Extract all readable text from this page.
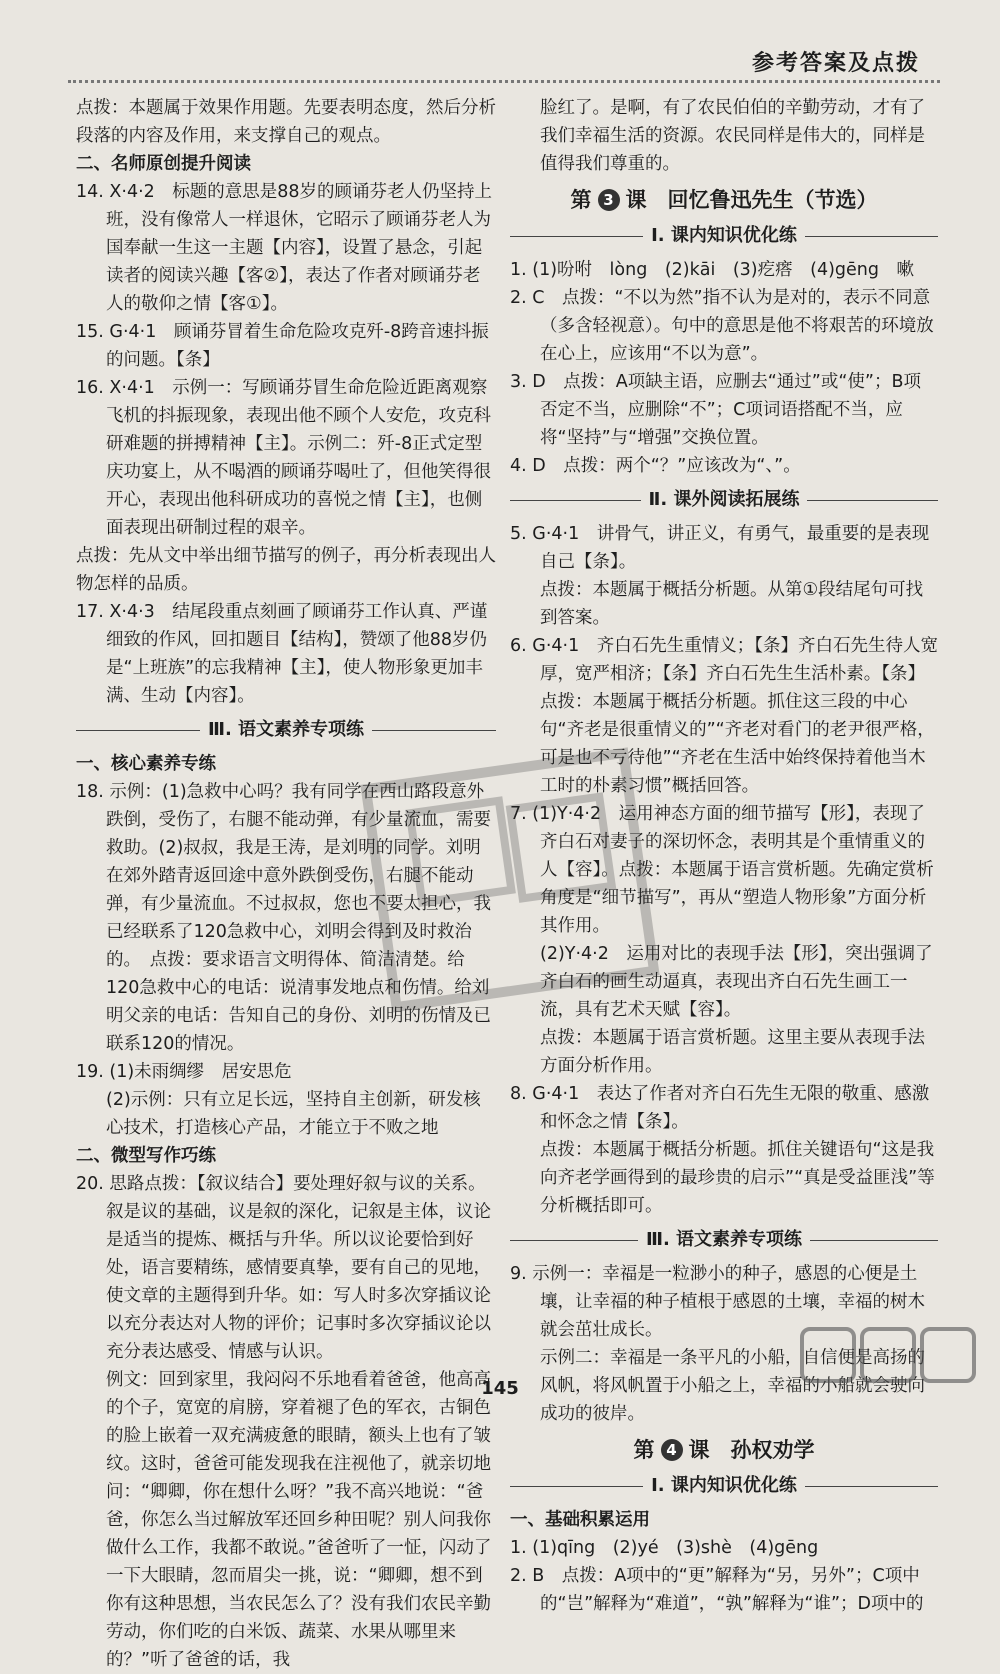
参考答案及点拨

点拨：本题属于效果作用题。先要表明态度，然后分析段落的内容及作用，来支撑自己的观点。

二、名师原创提升阅读

14. X·4·2　标题的意思是88岁的顾诵芬老人仍坚持上班，没有像常人一样退休，它昭示了顾诵芬老人为国奉献一生这一主题【内容】，设置了悬念，引起读者的阅读兴趣【客②】，表达了作者对顾诵芬老人的敬仰之情【客①】。

15. G·4·1　顾诵芬冒着生命危险攻克歼-8跨音速抖振的问题。【条】

16. X·4·1　示例一：写顾诵芬冒生命危险近距离观察飞机的抖振现象，表现出他不顾个人安危，攻克科研难题的拼搏精神【主】。示例二：歼-8正式定型庆功宴上，从不喝酒的顾诵芬喝吐了，但他笑得很开心，表现出他科研成功的喜悦之情【主】，也侧面表现出研制过程的艰辛。

点拨：先从文中举出细节描写的例子，再分析表现出人物怎样的品质。

17. X·4·3　结尾段重点刻画了顾诵芬工作认真、严谨细致的作风，回扣题目【结构】，赞颂了他88岁仍是“上班族”的忘我精神【主】，使人物形象更加丰满、生动【内容】。

Ⅲ. 语文素养专项练

一、核心素养专练

18. 示例：(1)急救中心吗？我有同学在西山路段意外跌倒，受伤了，右腿不能动弹，有少量流血，需要救助。(2)叔叔，我是王涛，是刘明的同学。刘明在郊外踏青返回途中意外跌倒受伤，右腿不能动弹，有少量流血。不过叔叔，您也不要太担心，我已经联系了120急救中心，刘明会得到及时救治的。　点拨：要求语言文明得体、简洁清楚。给120急救中心的电话：说清事发地点和伤情。给刘明父亲的电话：告知自己的身份、刘明的伤情及已联系120的情况。

19. (1)未雨绸缪　居安思危

(2)示例：只有立足长远，坚持自主创新，研发核心技术，打造核心产品，才能立于不败之地

二、微型写作巧练

20. 思路点拨：【叙议结合】要处理好叙与议的关系。叙是议的基础，议是叙的深化，记叙是主体，议论是适当的提炼、概括与升华。所以议论要恰到好处，语言要精练，感情要真挚，要有自己的见地，使文章的主题得到升华。如：写人时多次穿插议论以充分表达对人物的评价；记事时多次穿插议论以充分表达感受、情感与认识。

例文：回到家里，我闷闷不乐地看着爸爸，他高高的个子，宽宽的肩膀，穿着褪了色的军衣，古铜色的脸上嵌着一双充满疲惫的眼睛，额头上也有了皱纹。这时，爸爸可能发现我在注视他了，就亲切地问：“卿卿，你在想什么呀？”我不高兴地说：“爸爸，你怎么当过解放军还回乡种田呢？别人问我你做什么工作，我都不敢说。”爸爸听了一怔，闪动了一下大眼睛，忽而眉尖一挑，说：“卿卿，想不到你有这种思想，当农民怎么了？没有我们农民辛勤劳动，你们吃的白米饭、蔬菜、水果从哪里来的？”听了爸爸的话，我

脸红了。是啊，有了农民伯伯的辛勤劳动，才有了我们幸福生活的资源。农民同样是伟大的，同样是值得我们尊重的。

第 3 课　回忆鲁迅先生（节选）
Ⅰ. 课内知识优化练

1. (1)吩咐　lòng　(2)kāi　(3)疙瘩　(4)gēng　嗽

2. C　点拨：“不以为然”指不认为是对的，表示不同意（多含轻视意）。句中的意思是他不将艰苦的环境放在心上，应该用“不以为意”。

3. D　点拨：A项缺主语，应删去“通过”或“使”；B项否定不当，应删除“不”；C项词语搭配不当，应将“坚持”与“增强”交换位置。

4. D　点拨：两个“？”应该改为“、”。

Ⅱ. 课外阅读拓展练

5. G·4·1　讲骨气，讲正义，有勇气，最重要的是表现自己【条】。

点拨：本题属于概括分析题。从第①段结尾句可找到答案。

6. G·4·1　齐白石先生重情义；【条】齐白石先生待人宽厚，宽严相济；【条】齐白石先生生活朴素。【条】

点拨：本题属于概括分析题。抓住这三段的中心句“齐老是很重情义的”“齐老对看门的老尹很严格，可是也不亏待他”“齐老在生活中始终保持着他当木工时的朴素习惯”概括回答。

7. (1)Y·4·2　运用神态方面的细节描写【形】，表现了齐白石对妻子的深切怀念，表明其是个重情重义的人【容】。点拨：本题属于语言赏析题。先确定赏析角度是“细节描写”，再从“塑造人物形象”方面分析其作用。

(2)Y·4·2　运用对比的表现手法【形】，突出强调了齐白石的画生动逼真，表现出齐白石先生画工一流，具有艺术天赋【容】。

点拨：本题属于语言赏析题。这里主要从表现手法方面分析作用。

8. G·4·1　表达了作者对齐白石先生无限的敬重、感激和怀念之情【条】。

点拨：本题属于概括分析题。抓住关键语句“这是我向齐老学画得到的最珍贵的启示”“真是受益匪浅”等分析概括即可。

Ⅲ. 语文素养专项练

9. 示例一：幸福是一粒渺小的种子，感恩的心便是土壤，让幸福的种子植根于感恩的土壤，幸福的树木就会茁壮成长。

示例二：幸福是一条平凡的小船，自信便是高扬的风帆，将风帆置于小船之上，幸福的小船就会驶向成功的彼岸。

第 4 课　孙权劝学
Ⅰ. 课内知识优化练

一、基础积累运用

1. (1)qīng　(2)yé　(3)shè　(4)gēng

2. B　点拨：A项中的“更”解释为“另，另外”；C项中的“岂”解释为“难道”，“孰”解释为“谁”；D项中的

145
